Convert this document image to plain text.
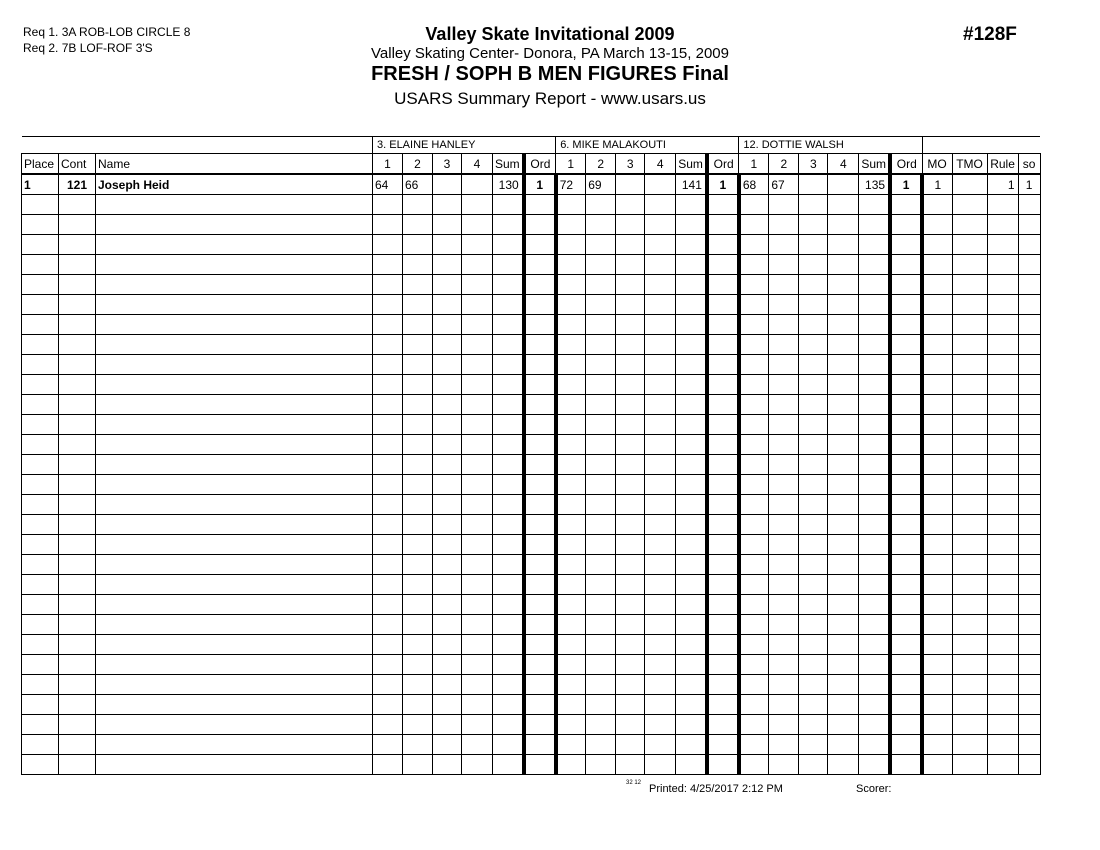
Req 1. 3A ROB-LOB CIRCLE 8
Req 2. 7B LOF-ROF 3'S
#128F
Valley Skate Invitational 2009
Valley Skating Center- Donora, PA March 13-15, 2009
FRESH / SOPH B MEN FIGURES Final
USARS Summary Report - www.usars.us
			3. ELAINE HANLEY						6. MIKE MALAKOUTI						12. DOTTIE WALSH									
Place	Cont	Name	1	2	3	4	Sum	Ord	1	2	3	4	Sum	Ord	1	2	3	4	Sum	Ord	MO	TMO	Rule	so
1	121	Joseph Heid	64	66			130	1	72	69			141	1	68	67			135	1	1		1	1

32 12 Printed: 4/25/2017 2:12 PM	Scorer:
